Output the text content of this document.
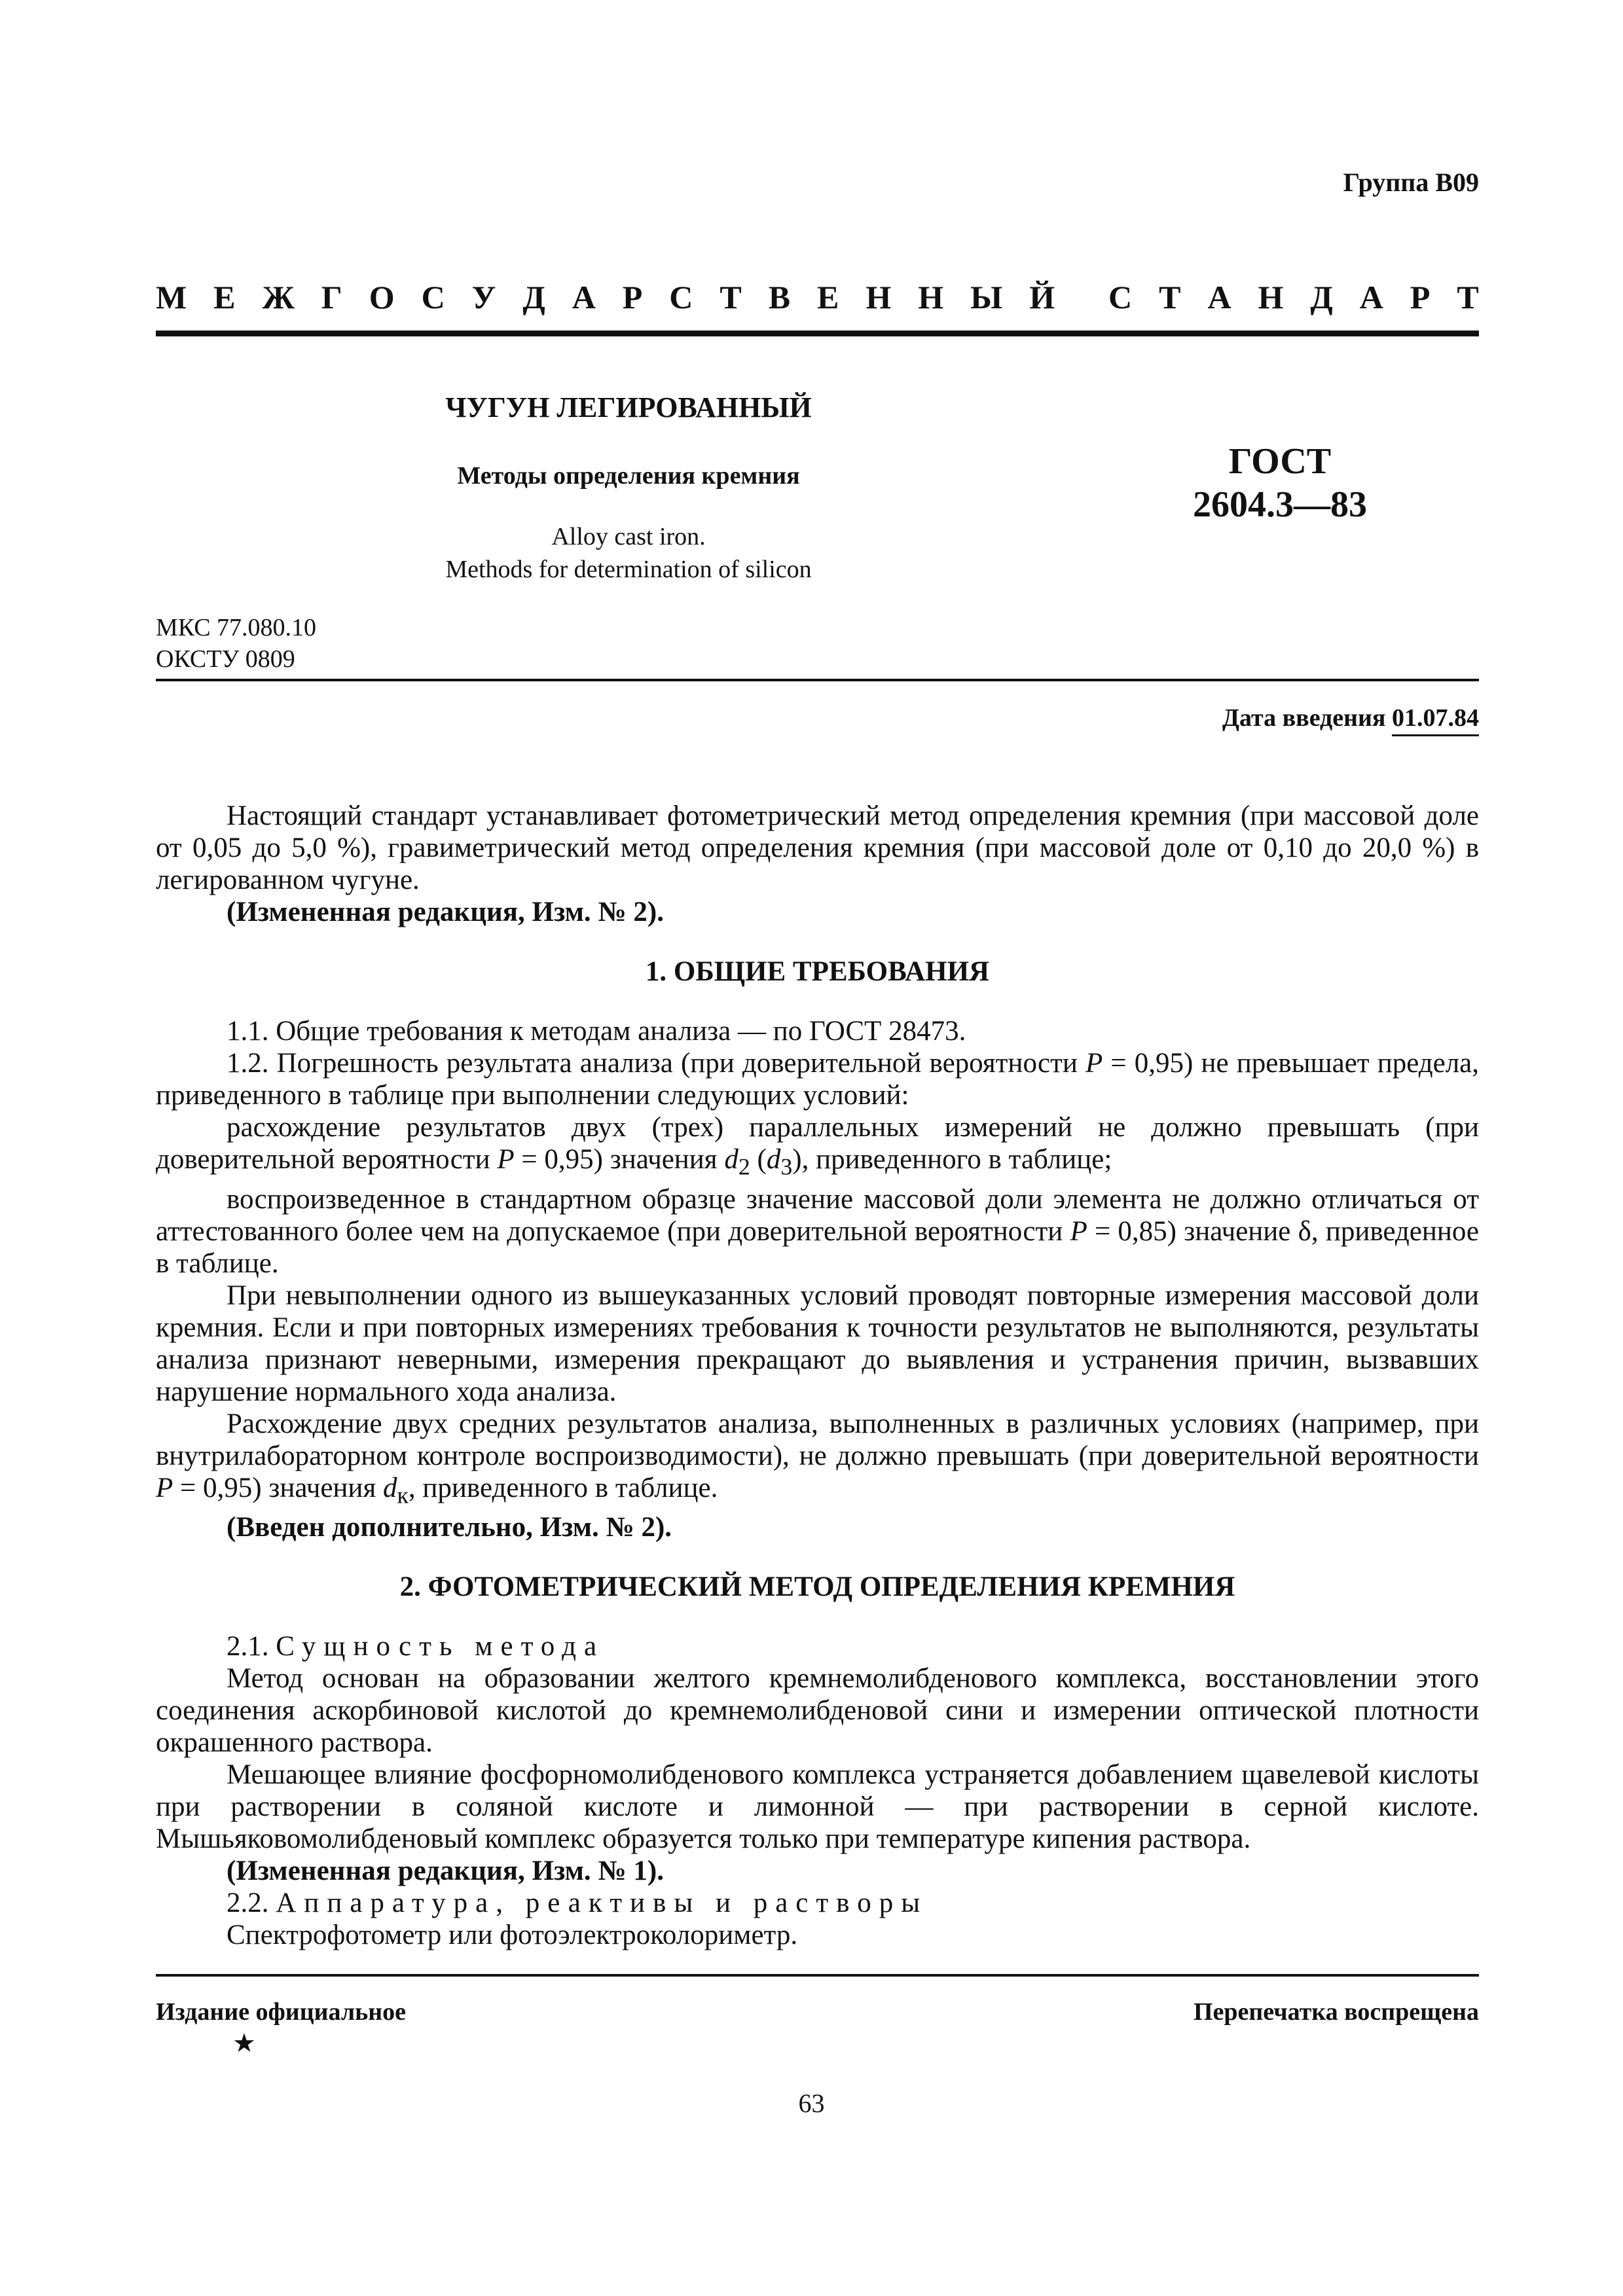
Группа В09
М Е Ж Г О С У Д А Р С Т В Е Н Н Ы Й С Т А Н Д А Р Т
ЧУГУН ЛЕГИРОВАННЫЙ
Методы определения кремния
Alloy cast iron.
Methods for determination of silicon
ГОСТ
2604.3—83
МКС 77.080.10
ОКСТУ 0809
Дата введения 01.07.84

Настоящий стандарт устанавливает фотометрический метод определения кремния (при массовой доле от 0,05 до 5,0 %), гравиметрический метод определения кремния (при массовой доле от 0,10 до 20,0 %) в легированном чугуне.

(Измененная редакция, Изм. № 2).

1. ОБЩИЕ ТРЕБОВАНИЯ

1.1. Общие требования к методам анализа — по ГОСТ 28473.

1.2. Погрешность результата анализа (при доверительной вероятности P = 0,95) не превышает предела, приведенного в таблице при выполнении следующих условий:

расхождение результатов двух (трех) параллельных измерений не должно превышать (при доверительной вероятности P = 0,95) значения $d_2$ $(d_3)$, приведенного в таблице;

воспроизведенное в стандартном образце значение массовой доли элемента не должно отличаться от аттестованного более чем на допускаемое (при доверительной вероятности P = 0,85) значение δ, приведенное в таблице.

При невыполнении одного из вышеуказанных условий проводят повторные измерения массовой доли кремния. Если и при повторных измерениях требования к точности результатов не выполняются, результаты анализа признают неверными, измерения прекращают до выявления и устранения причин, вызвавших нарушение нормального хода анализа.

Расхождение двух средних результатов анализа, выполненных в различных условиях (например, при внутрилабораторном контроле воспроизводимости), не должно превышать (при доверительной вероятности P = 0,95) значения $d_к$, приведенного в таблице.

(Введен дополнительно, Изм. № 2).

2. ФОТОМЕТРИЧЕСКИЙ МЕТОД ОПРЕДЕЛЕНИЯ КРЕМНИЯ

2.1. Сущность метода

Метод основан на образовании желтого кремнемолибденового комплекса, восстановлении этого соединения аскорбиновой кислотой до кремнемолибденовой сини и измерении оптической плотности окрашенного раствора.

Мешающее влияние фосфорномолибденового комплекса устраняется добавлением щавелевой кислоты при растворении в соляной кислоте и лимонной — при растворении в серной кислоте. Мышьяковомолибденовый комплекс образуется только при температуре кипения раствора.

(Измененная редакция, Изм. № 1).

2.2. Аппаратура, реактивы и растворы

Спектрофотометр или фотоэлектроколориметр.

Издание официальное
★
Перепечатка воспрещена
63
